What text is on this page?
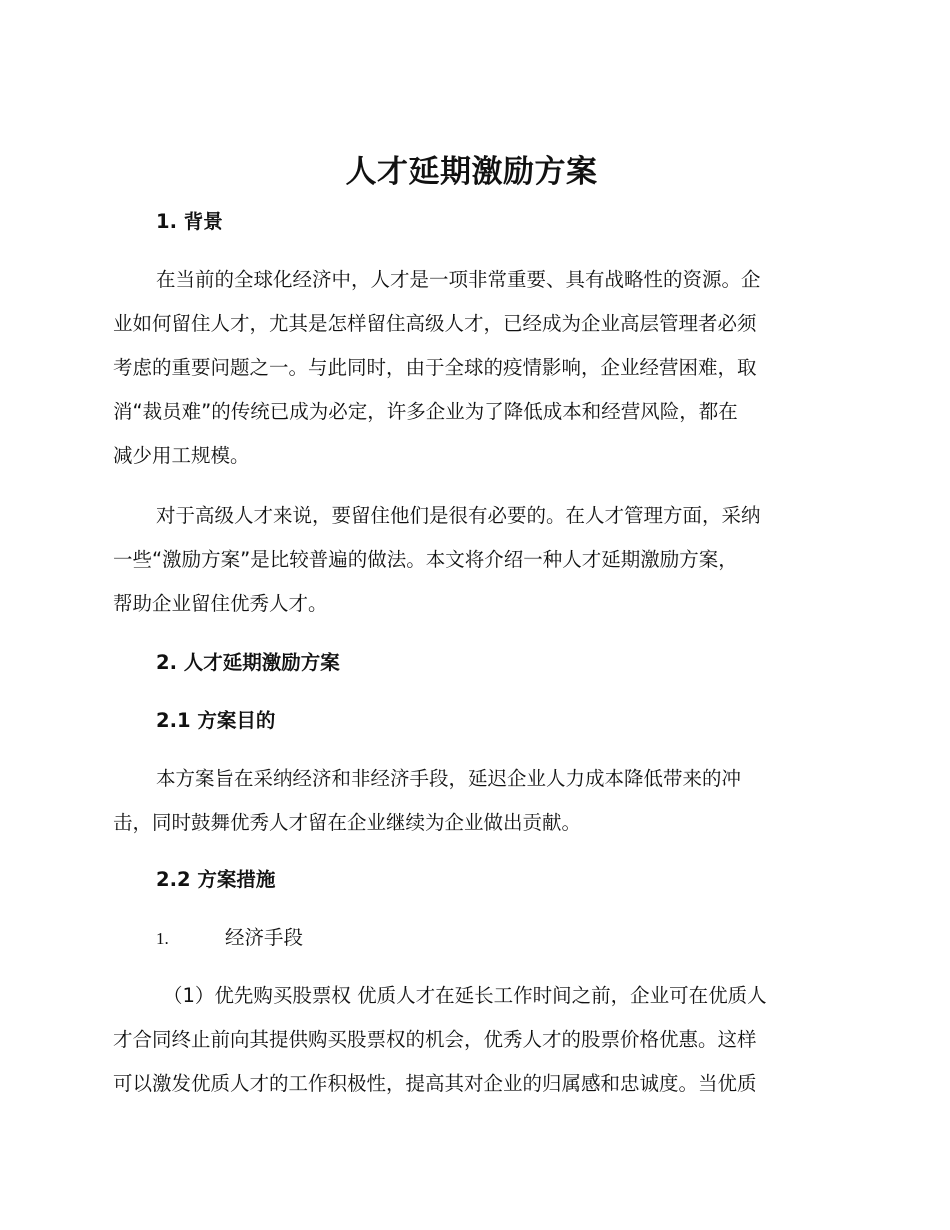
人才延期激励方案
1. 背景

在当前的全球化经济中，人才是一项非常重要、具有战略性的资源。企
业如何留住人才，尤其是怎样留住高级人才，已经成为企业高层管理者必须
考虑的重要问题之一。与此同时，由于全球的疫情影响，企业经营困难，取
消“裁员难”的传统已成为必定，许多企业为了降低成本和经营风险，都在
减少用工规模。

对于高级人才来说，要留住他们是很有必要的。在人才管理方面，采纳
一些“激励方案”是比较普遍的做法。本文将介绍一种人才延期激励方案，
帮助企业留住优秀人才。

2. 人才延期激励方案
2.1 方案目的

本方案旨在采纳经济和非经济手段，延迟企业人力成本降低带来的冲
击，同时鼓舞优秀人才留在企业继续为企业做出贡献。

2.2 方案措施
1.	经济手段

（1）优先购买股票权 优质人才在延长工作时间之前，企业可在优质人
才合同终止前向其提供购买股票权的机会，优秀人才的股票价格优惠。这样
可以激发优质人才的工作积极性，提高其对企业的归属感和忠诚度。当优质
